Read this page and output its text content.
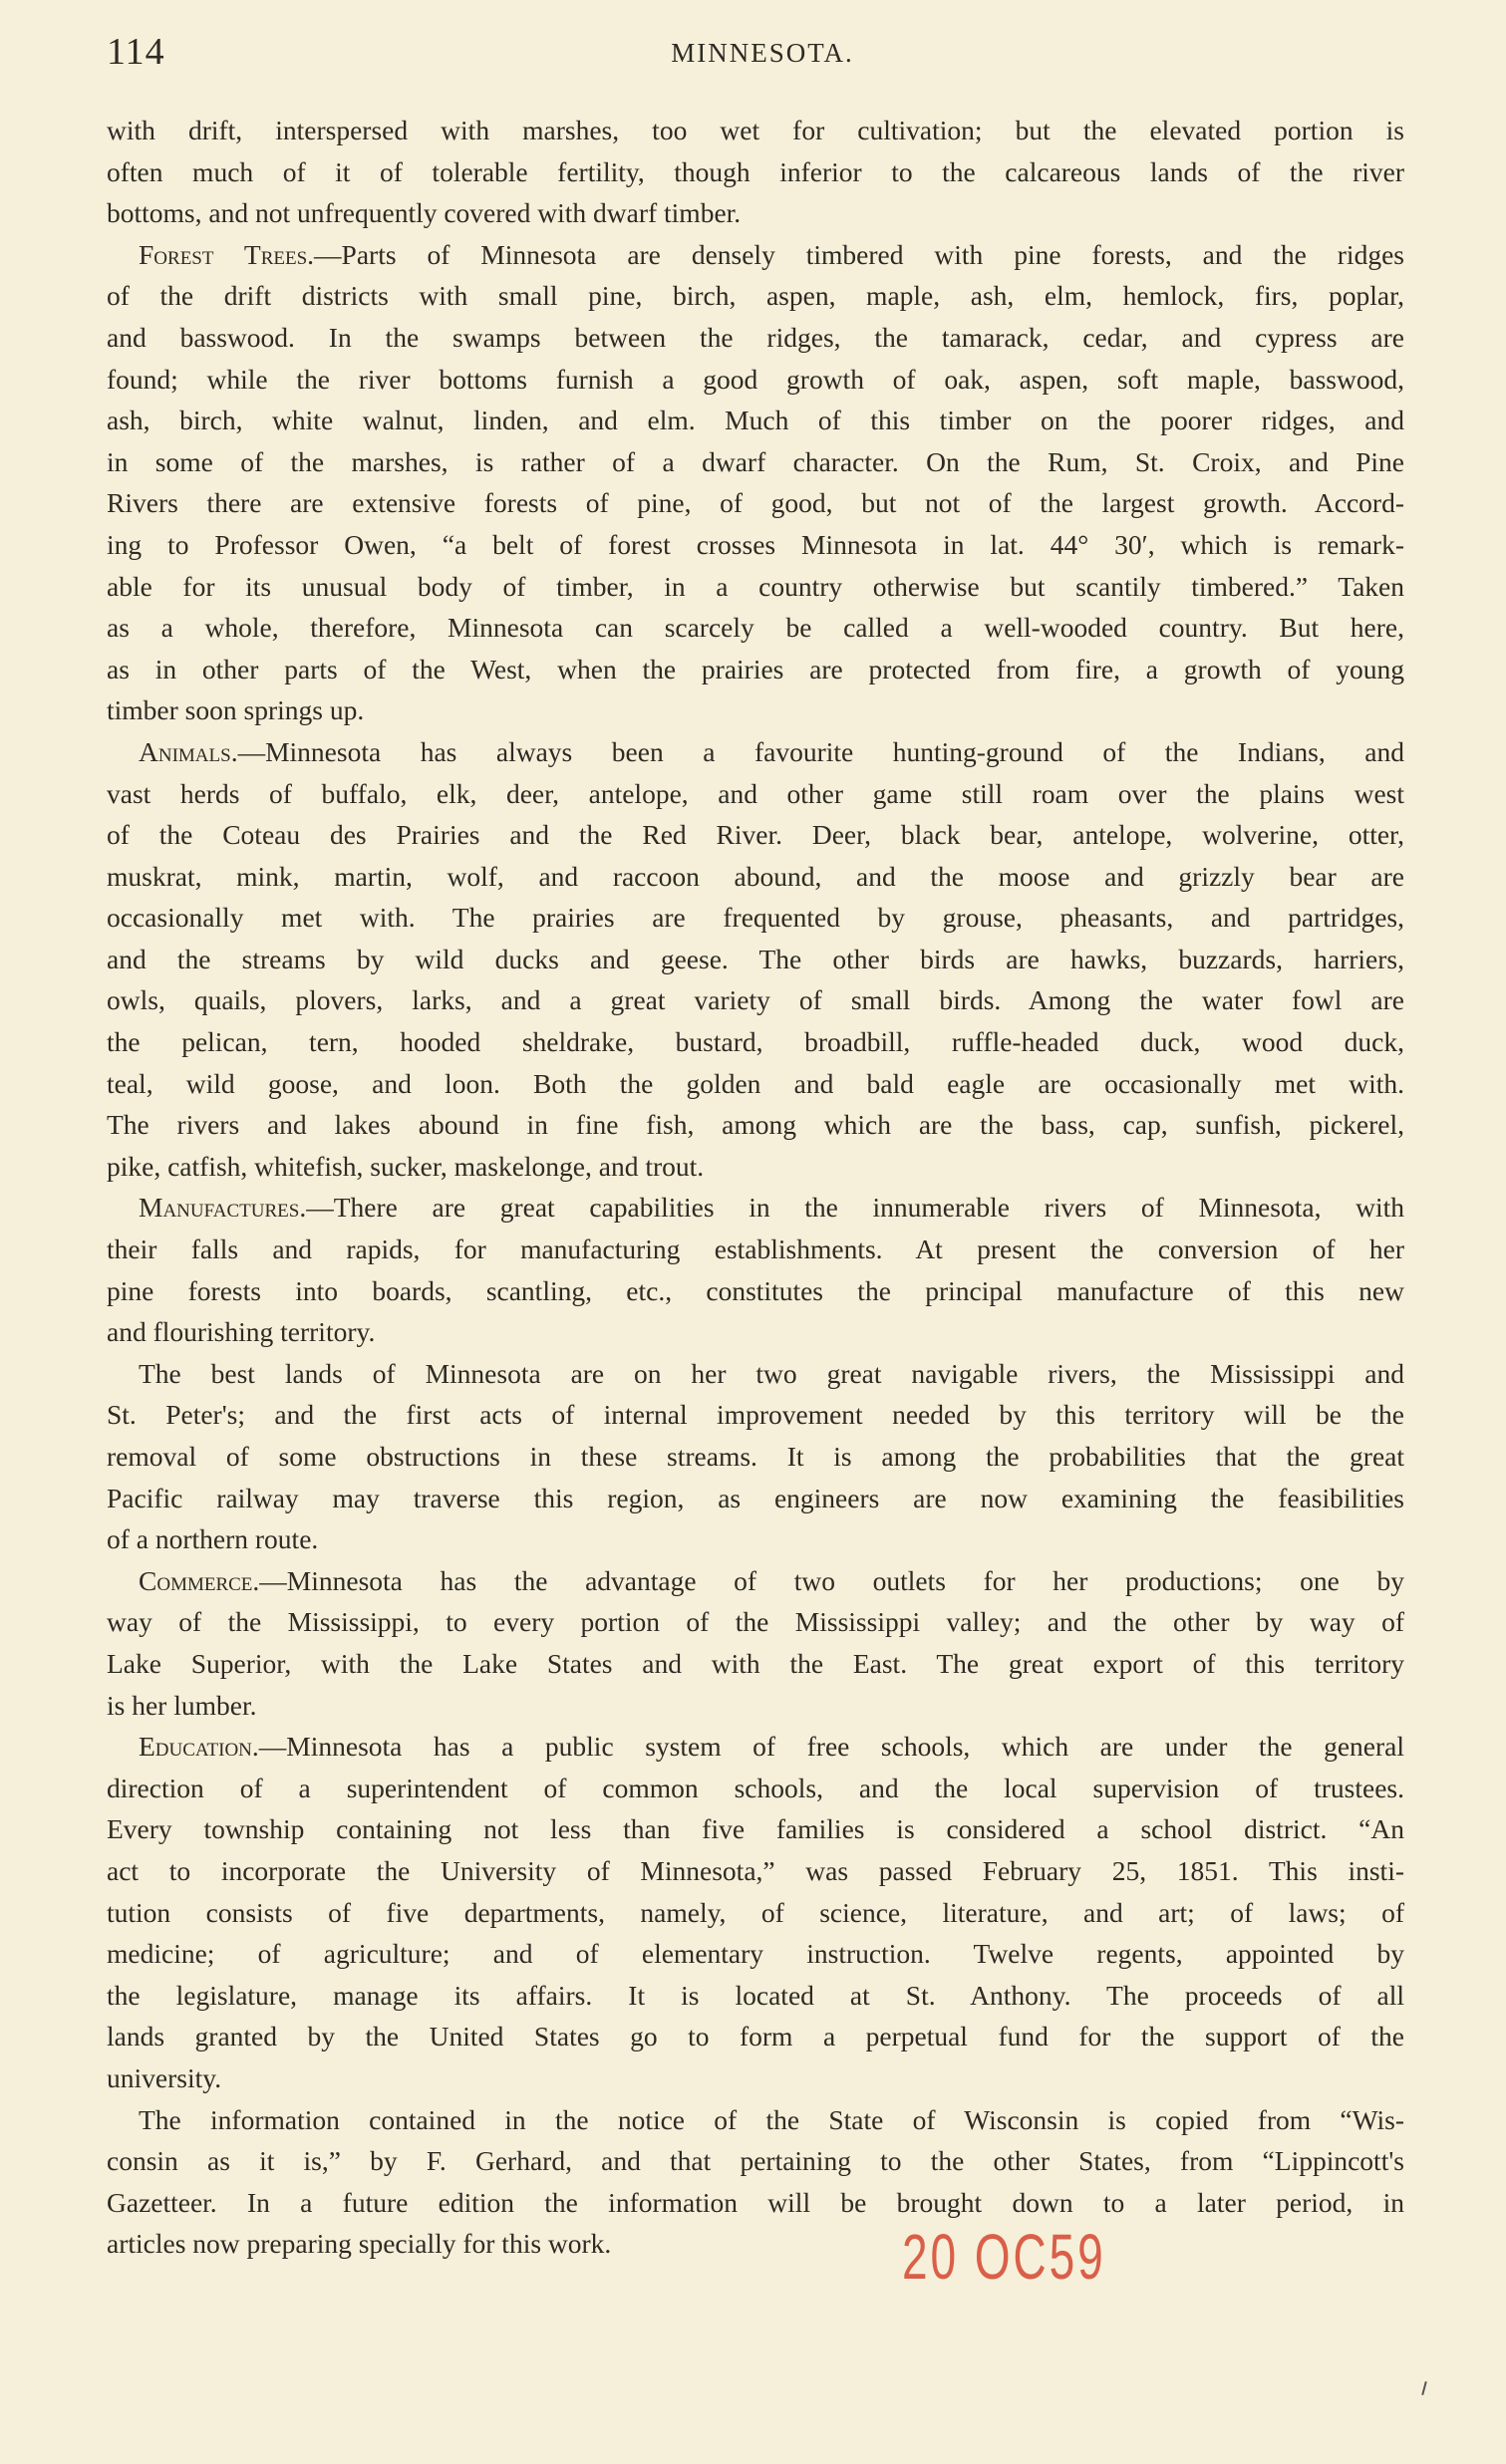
114	MINNESOTA.
with drift, interspersed with marshes, too wet for cultivation; but the elevated portion is
often much of it of tolerable fertility, though inferior to the calcareous lands of the river
bottoms, and not unfrequently covered with dwarf timber.
Forest Trees.—Parts of Minnesota are densely timbered with pine forests, and the ridges
of the drift districts with small pine, birch, aspen, maple, ash, elm, hemlock, firs, poplar,
and basswood. In the swamps between the ridges, the tamarack, cedar, and cypress are
found; while the river bottoms furnish a good growth of oak, aspen, soft maple, basswood,
ash, birch, white walnut, linden, and elm. Much of this timber on the poorer ridges, and
in some of the marshes, is rather of a dwarf character. On the Rum, St. Croix, and Pine
Rivers there are extensive forests of pine, of good, but not of the largest growth. Accord-
ing to Professor Owen, “a belt of forest crosses Minnesota in lat. 44° 30′, which is remark-
able for its unusual body of timber, in a country otherwise but scantily timbered.” Taken
as a whole, therefore, Minnesota can scarcely be called a well-wooded country. But here,
as in other parts of the West, when the prairies are protected from fire, a growth of young
timber soon springs up.
Animals.—Minnesota has always been a favourite hunting-ground of the Indians, and
vast herds of buffalo, elk, deer, antelope, and other game still roam over the plains west
of the Coteau des Prairies and the Red River. Deer, black bear, antelope, wolverine, otter,
muskrat, mink, martin, wolf, and raccoon abound, and the moose and grizzly bear are
occasionally met with. The prairies are frequented by grouse, pheasants, and partridges,
and the streams by wild ducks and geese. The other birds are hawks, buzzards, harriers,
owls, quails, plovers, larks, and a great variety of small birds. Among the water fowl are
the pelican, tern, hooded sheldrake, bustard, broadbill, ruffle-headed duck, wood duck,
teal, wild goose, and loon. Both the golden and bald eagle are occasionally met with.
The rivers and lakes abound in fine fish, among which are the bass, cap, sunfish, pickerel,
pike, catfish, whitefish, sucker, maskelonge, and trout.
Manufactures.—There are great capabilities in the innumerable rivers of Minnesota, with
their falls and rapids, for manufacturing establishments. At present the conversion of her
pine forests into boards, scantling, etc., constitutes the principal manufacture of this new
and flourishing territory.
The best lands of Minnesota are on her two great navigable rivers, the Mississippi and
St. Peter's; and the first acts of internal improvement needed by this territory will be the
removal of some obstructions in these streams. It is among the probabilities that the great
Pacific railway may traverse this region, as engineers are now examining the feasibilities
of a northern route.
Commerce.—Minnesota has the advantage of two outlets for her productions; one by
way of the Mississippi, to every portion of the Mississippi valley; and the other by way of
Lake Superior, with the Lake States and with the East. The great export of this territory
is her lumber.
Education.—Minnesota has a public system of free schools, which are under the general
direction of a superintendent of common schools, and the local supervision of trustees.
Every township containing not less than five families is considered a school district. “An
act to incorporate the University of Minnesota,” was passed February 25, 1851. This insti-
tution consists of five departments, namely, of science, literature, and art; of laws; of
medicine; of agriculture; and of elementary instruction. Twelve regents, appointed by
the legislature, manage its affairs. It is located at St. Anthony. The proceeds of all
lands granted by the United States go to form a perpetual fund for the support of the
university.
The information contained in the notice of the State of Wisconsin is copied from “Wis-
consin as it is,” by F. Gerhard, and that pertaining to the other States, from “Lippincott's
Gazetteer. In a future edition the information will be brought down to a later period, in
articles now preparing specially for this work.	20 OC59
